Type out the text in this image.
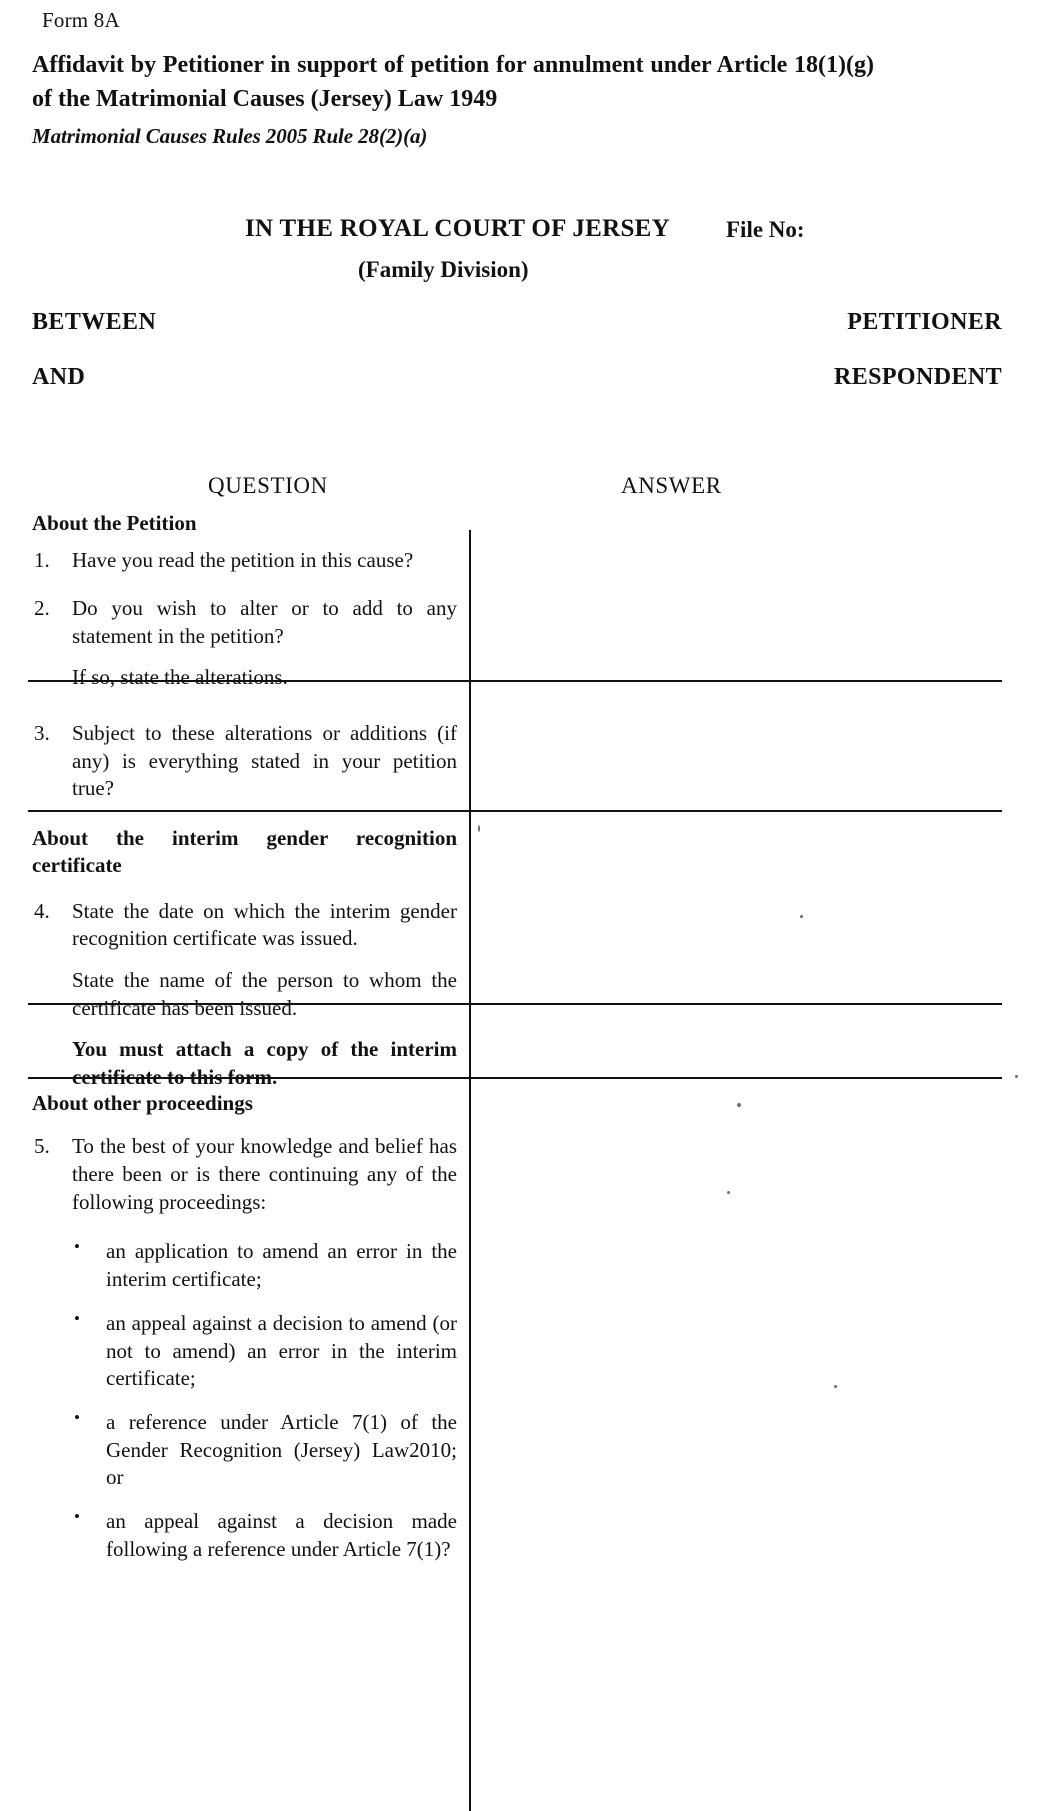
Form 8A
Affidavit by Petitioner in support of petition for annulment under Article 18(1)(g) of the Matrimonial Causes (Jersey) Law 1949
Matrimonial Causes Rules 2005 Rule 28(2)(a)
IN THE ROYAL COURT OF JERSEY File No:
(Family Division)
BETWEEN	PETITIONER
AND	RESPONDENT
QUESTION	ANSWER
About the Petition
1. Have you read the petition in this cause?
2. Do you wish to alter or to add to any statement in the petition?
If so, state the alterations.
3. Subject to these alterations or additions (if any) is everything stated in your petition true?
About the interim gender recognition certificate
4. State the date on which the interim gender recognition certificate was issued.
State the name of the person to whom the certificate has been issued.
You must attach a copy of the interim certificate to this form.
About other proceedings
5. To the best of your knowledge and belief has there been or is there continuing any of the following proceedings:
• an application to amend an error in the interim certificate;
• an appeal against a decision to amend (or not to amend) an error in the interim certificate;
• a reference under Article 7(1) of the Gender Recognition (Jersey) Law2010; or
• an appeal against a decision made following a reference under Article 7(1)?
